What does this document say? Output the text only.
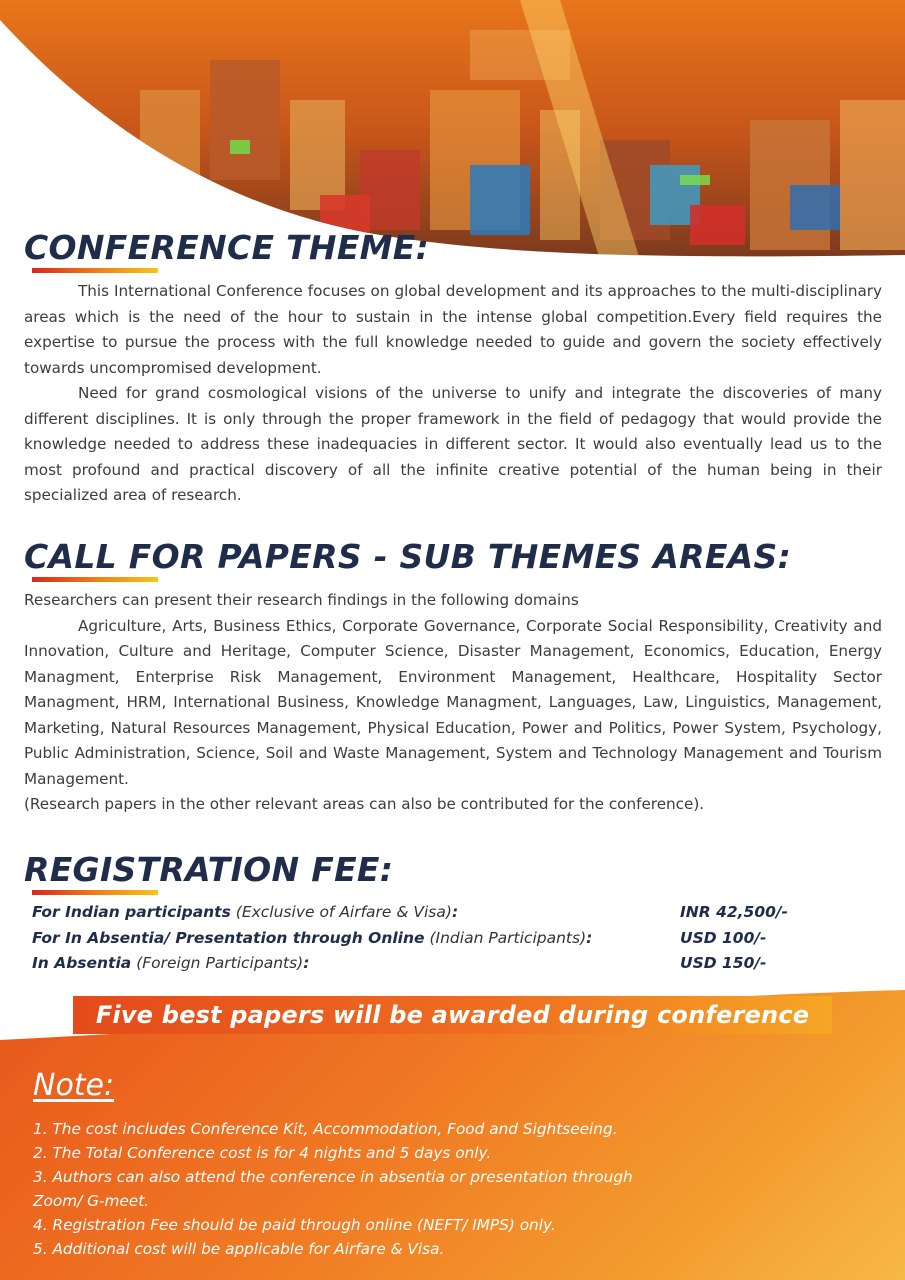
CONFERENCE THEME:

This International Conference focuses on global development and its approaches to the multi-disciplinary areas which is the need of the hour to sustain in the intense global competition.Every field requires the expertise to pursue the process with the full knowledge needed to guide and govern the society effectively towards uncompromised development.

Need for grand cosmological visions of the universe to unify and integrate the discoveries of many different disciplines. It is only through the proper framework in the field of pedagogy that would provide the knowledge needed to address these inadequacies in different sector. It would also eventually lead us to the most profound and practical discovery of all the infinite creative potential of the human being in their specialized area of research.

CALL FOR PAPERS - SUB THEMES AREAS:

Researchers can present their research findings in the following domains

Agriculture, Arts, Business Ethics, Corporate Governance, Corporate Social Responsibility, Creativity and Innovation, Culture and Heritage, Computer Science, Disaster Management, Economics, Education, Energy Managment, Enterprise Risk Management, Environment Management, Healthcare, Hospitality Sector Managment, HRM, International Business, Knowledge Managment, Languages, Law, Linguistics, Management, Marketing, Natural Resources Management, Physical Education, Power and Politics, Power System, Psychology, Public Administration, Science, Soil and Waste Management, System and Technology Management and Tourism Management.

(Research papers in the other relevant areas can also be contributed for the conference).

REGISTRATION FEE:
For Indian participants (Exclusive of Airfare & Visa):	INR 42,500/-
For In Absentia/ Presentation through Online (Indian Participants):	USD 100/-
In Absentia (Foreign Participants):	USD 150/-
Five best papers will be awarded during conference
Note:
1. The cost includes Conference Kit, Accommodation, Food and Sightseeing.
2. The Total Conference cost is for 4 nights and 5 days only.
3. Authors can also attend the conference in absentia or presentation through Zoom/ G-meet.
4. Registration Fee should be paid through online (NEFT/ IMPS) only.
5. Additional cost will be applicable for Airfare & Visa.
